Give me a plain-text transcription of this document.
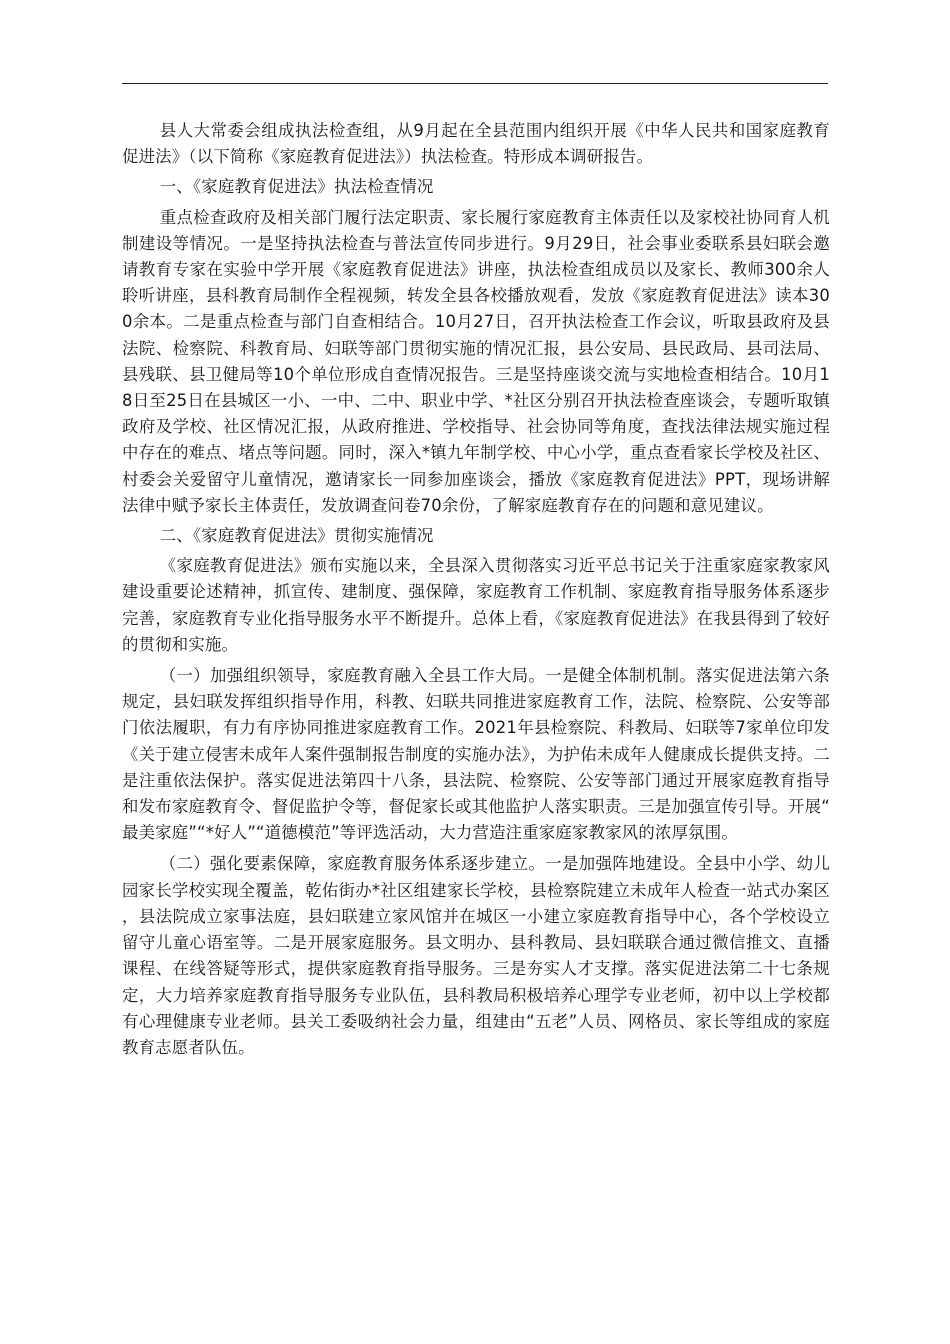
县人大常委会组成执法检查组，从9月起在全县范围内组织开展《中华人民共和国家庭教育促进法》（以下简称《家庭教育促进法》）执法检查。特形成本调研报告。

一、《家庭教育促进法》执法检查情况

重点检查政府及相关部门履行法定职责、家长履行家庭教育主体责任以及家校社协同育人机制建设等情况。一是坚持执法检查与普法宣传同步进行。9月29日，社会事业委联系县妇联会邀请教育专家在实验中学开展《家庭教育促进法》讲座，执法检查组成员以及家长、教师300余人聆听讲座，县科教育局制作全程视频，转发全县各校播放观看，发放《家庭教育促进法》读本300余本。二是重点检查与部门自查相结合。10月27日，召开执法检查工作会议，听取县政府及县法院、检察院、科教育局、妇联等部门贯彻实施的情况汇报，县公安局、县民政局、县司法局、县残联、县卫健局等10个单位形成自查情况报告。三是坚持座谈交流与实地检查相结合。10月18日至25日在县城区一小、一中、二中、职业中学、*社区分别召开执法检查座谈会，专题听取镇政府及学校、社区情况汇报，从政府推进、学校指导、社会协同等角度，查找法律法规实施过程中存在的难点、堵点等问题。同时，深入*镇九年制学校、中心小学，重点查看家长学校及社区、村委会关爱留守儿童情况，邀请家长一同参加座谈会，播放《家庭教育促进法》PPT，现场讲解法律中赋予家长主体责任，发放调查问卷70余份，了解家庭教育存在的问题和意见建议。

二、《家庭教育促进法》贯彻实施情况

《家庭教育促进法》颁布实施以来，全县深入贯彻落实习近平总书记关于注重家庭家教家风建设重要论述精神，抓宣传、建制度、强保障，家庭教育工作机制、家庭教育指导服务体系逐步完善，家庭教育专业化指导服务水平不断提升。总体上看，《家庭教育促进法》在我县得到了较好的贯彻和实施。

（一）加强组织领导，家庭教育融入全县工作大局。一是健全体制机制。落实促进法第六条规定，县妇联发挥组织指导作用，科教、妇联共同推进家庭教育工作，法院、检察院、公安等部门依法履职，有力有序协同推进家庭教育工作。2021年县检察院、科教局、妇联等7家单位印发《关于建立侵害未成年人案件强制报告制度的实施办法》，为护佑未成年人健康成长提供支持。二是注重依法保护。落实促进法第四十八条，县法院、检察院、公安等部门通过开展家庭教育指导和发布家庭教育令、督促监护令等，督促家长或其他监护人落实职责。三是加强宣传引导。开展“最美家庭”“*好人”“道德模范”等评选活动，大力营造注重家庭家教家风的浓厚氛围。

（二）强化要素保障，家庭教育服务体系逐步建立。一是加强阵地建设。全县中小学、幼儿园家长学校实现全覆盖，乾佑街办*社区组建家长学校，县检察院建立未成年人检查一站式办案区，县法院成立家事法庭，县妇联建立家风馆并在城区一小建立家庭教育指导中心，各个学校设立留守儿童心语室等。二是开展家庭服务。县文明办、县科教局、县妇联联合通过微信推文、直播课程、在线答疑等形式，提供家庭教育指导服务。三是夯实人才支撑。落实促进法第二十七条规定，大力培养家庭教育指导服务专业队伍，县科教局积极培养心理学专业老师，初中以上学校都有心理健康专业老师。县关工委吸纳社会力量，组建由“五老”人员、网格员、家长等组成的家庭教育志愿者队伍。
